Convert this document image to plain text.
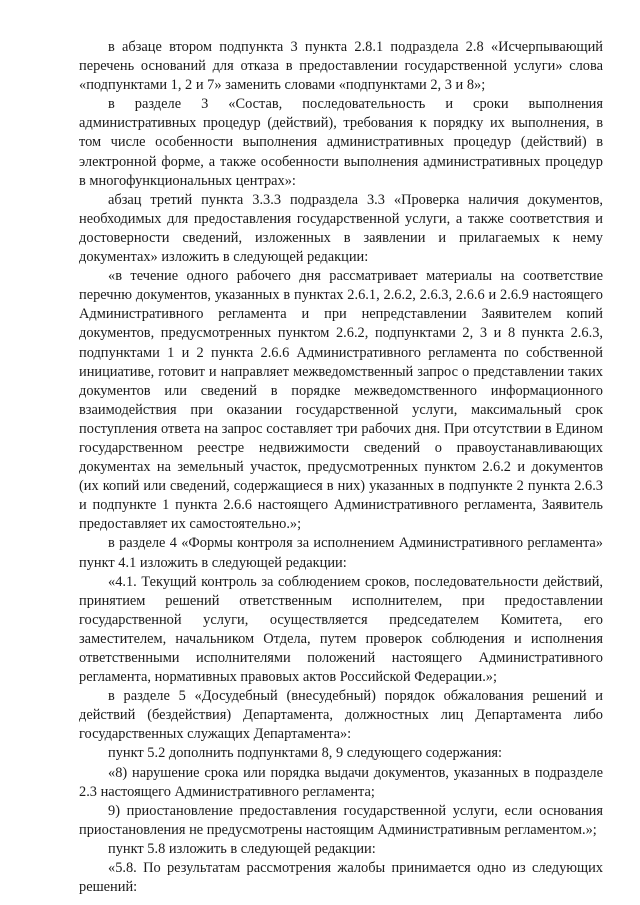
в абзаце втором подпункта 3 пункта 2.8.1 подраздела 2.8 «Исчерпывающий перечень оснований для отказа в предоставлении государственной услуги» слова «подпунктами 1, 2 и 7» заменить словами «подпунктами 2, 3 и 8»;

в разделе 3 «Состав, последовательность и сроки выполнения административных процедур (действий), требования к порядку их выполнения, в том числе особенности выполнения административных процедур (действий) в электронной форме, а также особенности выполнения административных процедур в многофункциональных центрах»:

абзац третий пункта 3.3.3 подраздела 3.3 «Проверка наличия документов, необходимых для предоставления государственной услуги, а также соответствия и достоверности сведений, изложенных в заявлении и прилагаемых к нему документах» изложить в следующей редакции:

«в течение одного рабочего дня рассматривает материалы на соответствие перечню документов, указанных в пунктах 2.6.1, 2.6.2, 2.6.3, 2.6.6 и 2.6.9 настоящего Административного регламента и при непредставлении Заявителем копий документов, предусмотренных пунктом 2.6.2, подпунктами 2, 3 и 8 пункта 2.6.3, подпунктами 1 и 2 пункта 2.6.6 Административного регламента по собственной инициативе, готовит и направляет межведомственный запрос о представлении таких документов или сведений в порядке межведомственного информационного взаимодействия при оказании государственной услуги, максимальный срок поступления ответа на запрос составляет три рабочих дня. При отсутствии в Едином государственном реестре недвижимости сведений о правоустанавливающих документах на земельный участок, предусмотренных пунктом 2.6.2 и документов (их копий или сведений, содержащиеся в них) указанных в подпункте 2 пункта 2.6.3 и подпункте 1 пункта 2.6.6 настоящего Административного регламента, Заявитель предоставляет их самостоятельно.»;

в разделе 4 «Формы контроля за исполнением Административного регламента» пункт 4.1 изложить в следующей редакции:

«4.1. Текущий контроль за соблюдением сроков, последовательности действий, принятием решений ответственным исполнителем, при предоставлении государственной услуги, осуществляется председателем Комитета, его заместителем, начальником Отдела, путем проверок соблюдения и исполнения ответственными исполнителями положений настоящего Административного регламента, нормативных правовых актов Российской Федерации.»;

в разделе 5 «Досудебный (внесудебный) порядок обжалования решений и действий (бездействия) Департамента, должностных лиц Департамента либо государственных служащих Департамента»:

пункт 5.2 дополнить подпунктами 8, 9 следующего содержания:

«8) нарушение срока или порядка выдачи документов, указанных в подразделе 2.3 настоящего Административного регламента;

9) приостановление предоставления государственной услуги, если основания приостановления не предусмотрены настоящим Административным регламентом.»;

пункт 5.8 изложить в следующей редакции:

«5.8. По результатам рассмотрения жалобы принимается одно из следующих решений:
